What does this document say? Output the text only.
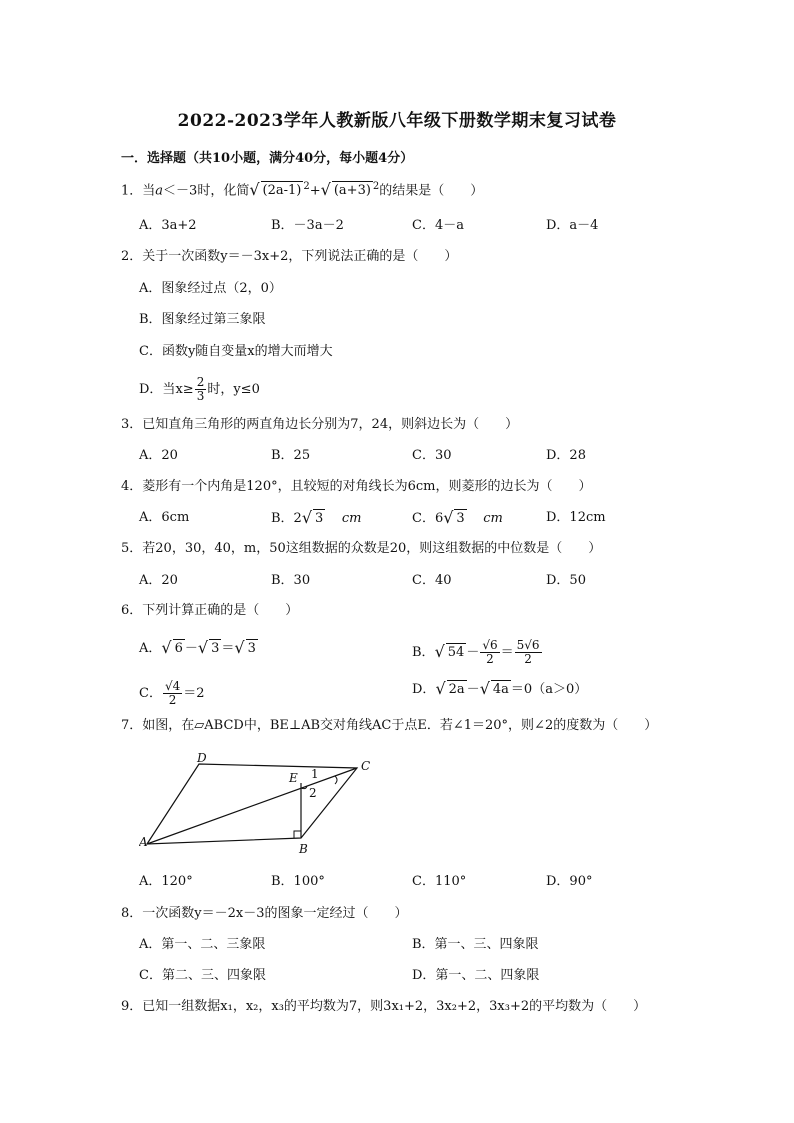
2022-2023学年人教新版八年级下册数学期末复习试卷
一．选择题（共10小题，满分40分，每小题4分）
1．当a＜－3时，化简 √ (2a-1) $^2$+ √ (a+3) $^2$的结果是（　　）
A．3a+2	B．－3a－2	C．4－a	D．a－4
2．关于一次函数y＝－3x+2，下列说法正确的是（　　）
A．图象经过点（2，0）
B．图象经过第三象限
C．函数y随自变量x的增大而增大
D．当$x\ge \frac{2}{3}$ 时，y≤0
3．已知直角三角形的两直角边长分别为7，24，则斜边长为（　　）
A．20	B．25	C．30	D．28
4．菱形有一个内角是120°，且较短的对角线长为6cm，则菱形的边长为（　　）
A．6cm	B．2 √ 3 cm	C．6 √ 3 cm	D．12cm
5．若20，30，40，m，50这组数据的众数是20，则这组数据的中位数是（　　）
A．20	B．30	C．40	D．50
6．下列计算正确的是（　　）
A． √ 6 － √ 3 ＝ √ 3	B． √ $54 - \frac{√6}{2} = \frac{5√6}{2}$
C． $\frac{√4}{2} =2$	D． √ 2a － √ 4a ＝0（a＞0）
7．如图，在▱ABCD中，BE⊥AB交对角线AC于点E．若∠1＝20°，则∠2的度数为（　　）
D
C
E
A	B
1
2
A．120°	B．100°	C．110°	D．90°
8．一次函数y＝－2x－3的图象一定经过（　　）
A．第一、二、三象限	B．第一、三、四象限
C．第二、三、四象限	D．第一、二、四象限
9．已知一组数据x₁，x₂，x₃的平均数为7，则3x₁+2，3x₂+2，3x₃+2的平均数为（　　）
